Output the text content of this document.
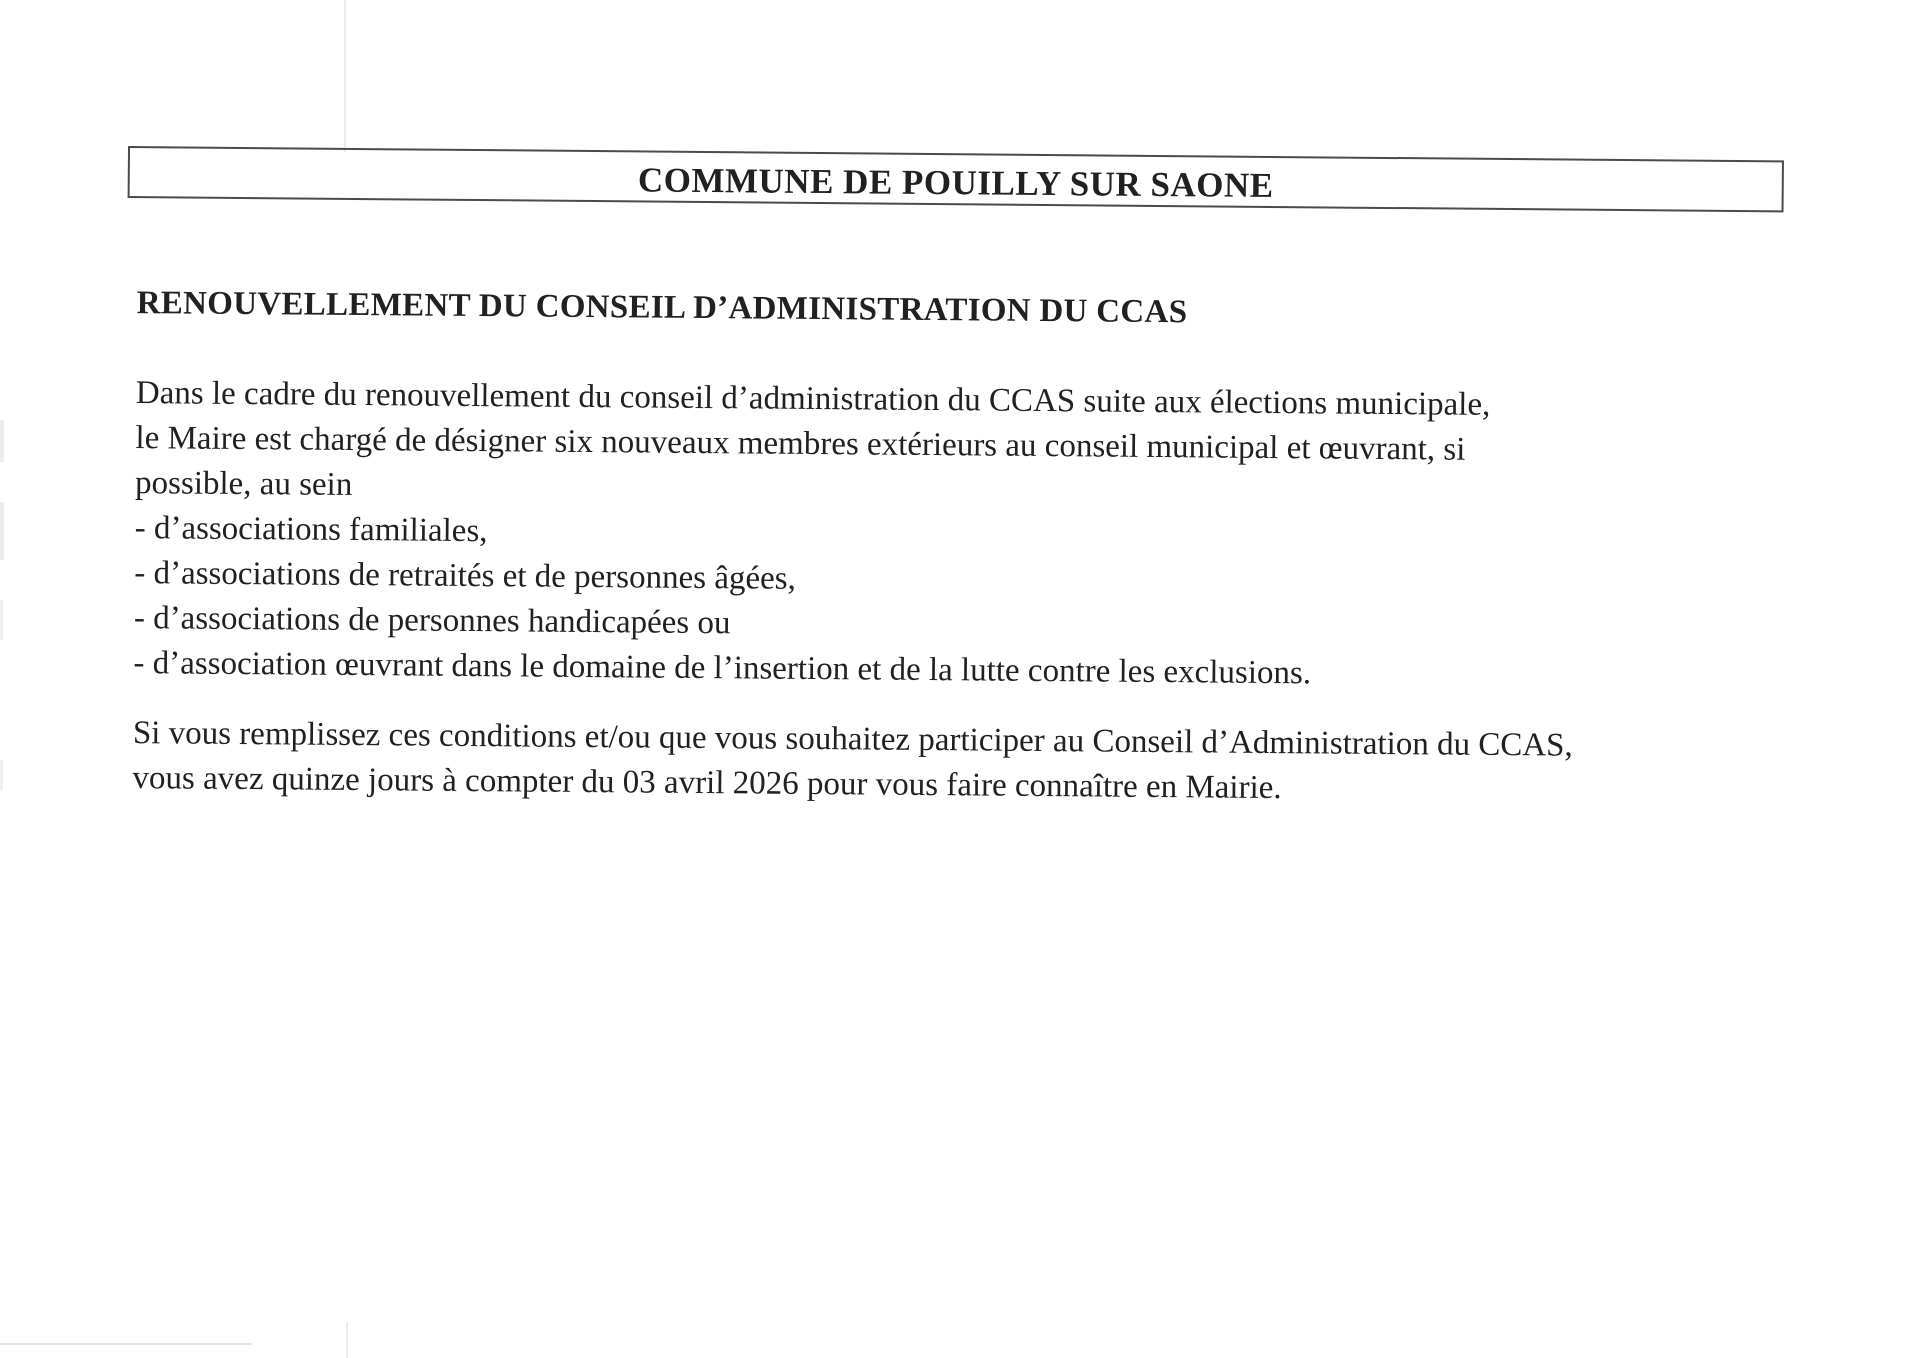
COMMUNE DE POUILLY SUR SAONE
RENOUVELLEMENT DU CONSEIL D’ADMINISTRATION DU CCAS
Dans le cadre du renouvellement du conseil d’administration du CCAS suite aux élections municipale,
le Maire est chargé de désigner six nouveaux membres extérieurs au conseil municipal et œuvrant, si
possible, au sein
- d’associations familiales,
- d’associations de retraités et de personnes âgées,
- d’associations de personnes handicapées ou
- d’association œuvrant dans le domaine de l’insertion et de la lutte contre les exclusions.
Si vous remplissez ces conditions et/ou que vous souhaitez participer au Conseil d’Administration du CCAS,
vous avez quinze jours à compter du 03 avril 2026 pour vous faire connaître en Mairie.
